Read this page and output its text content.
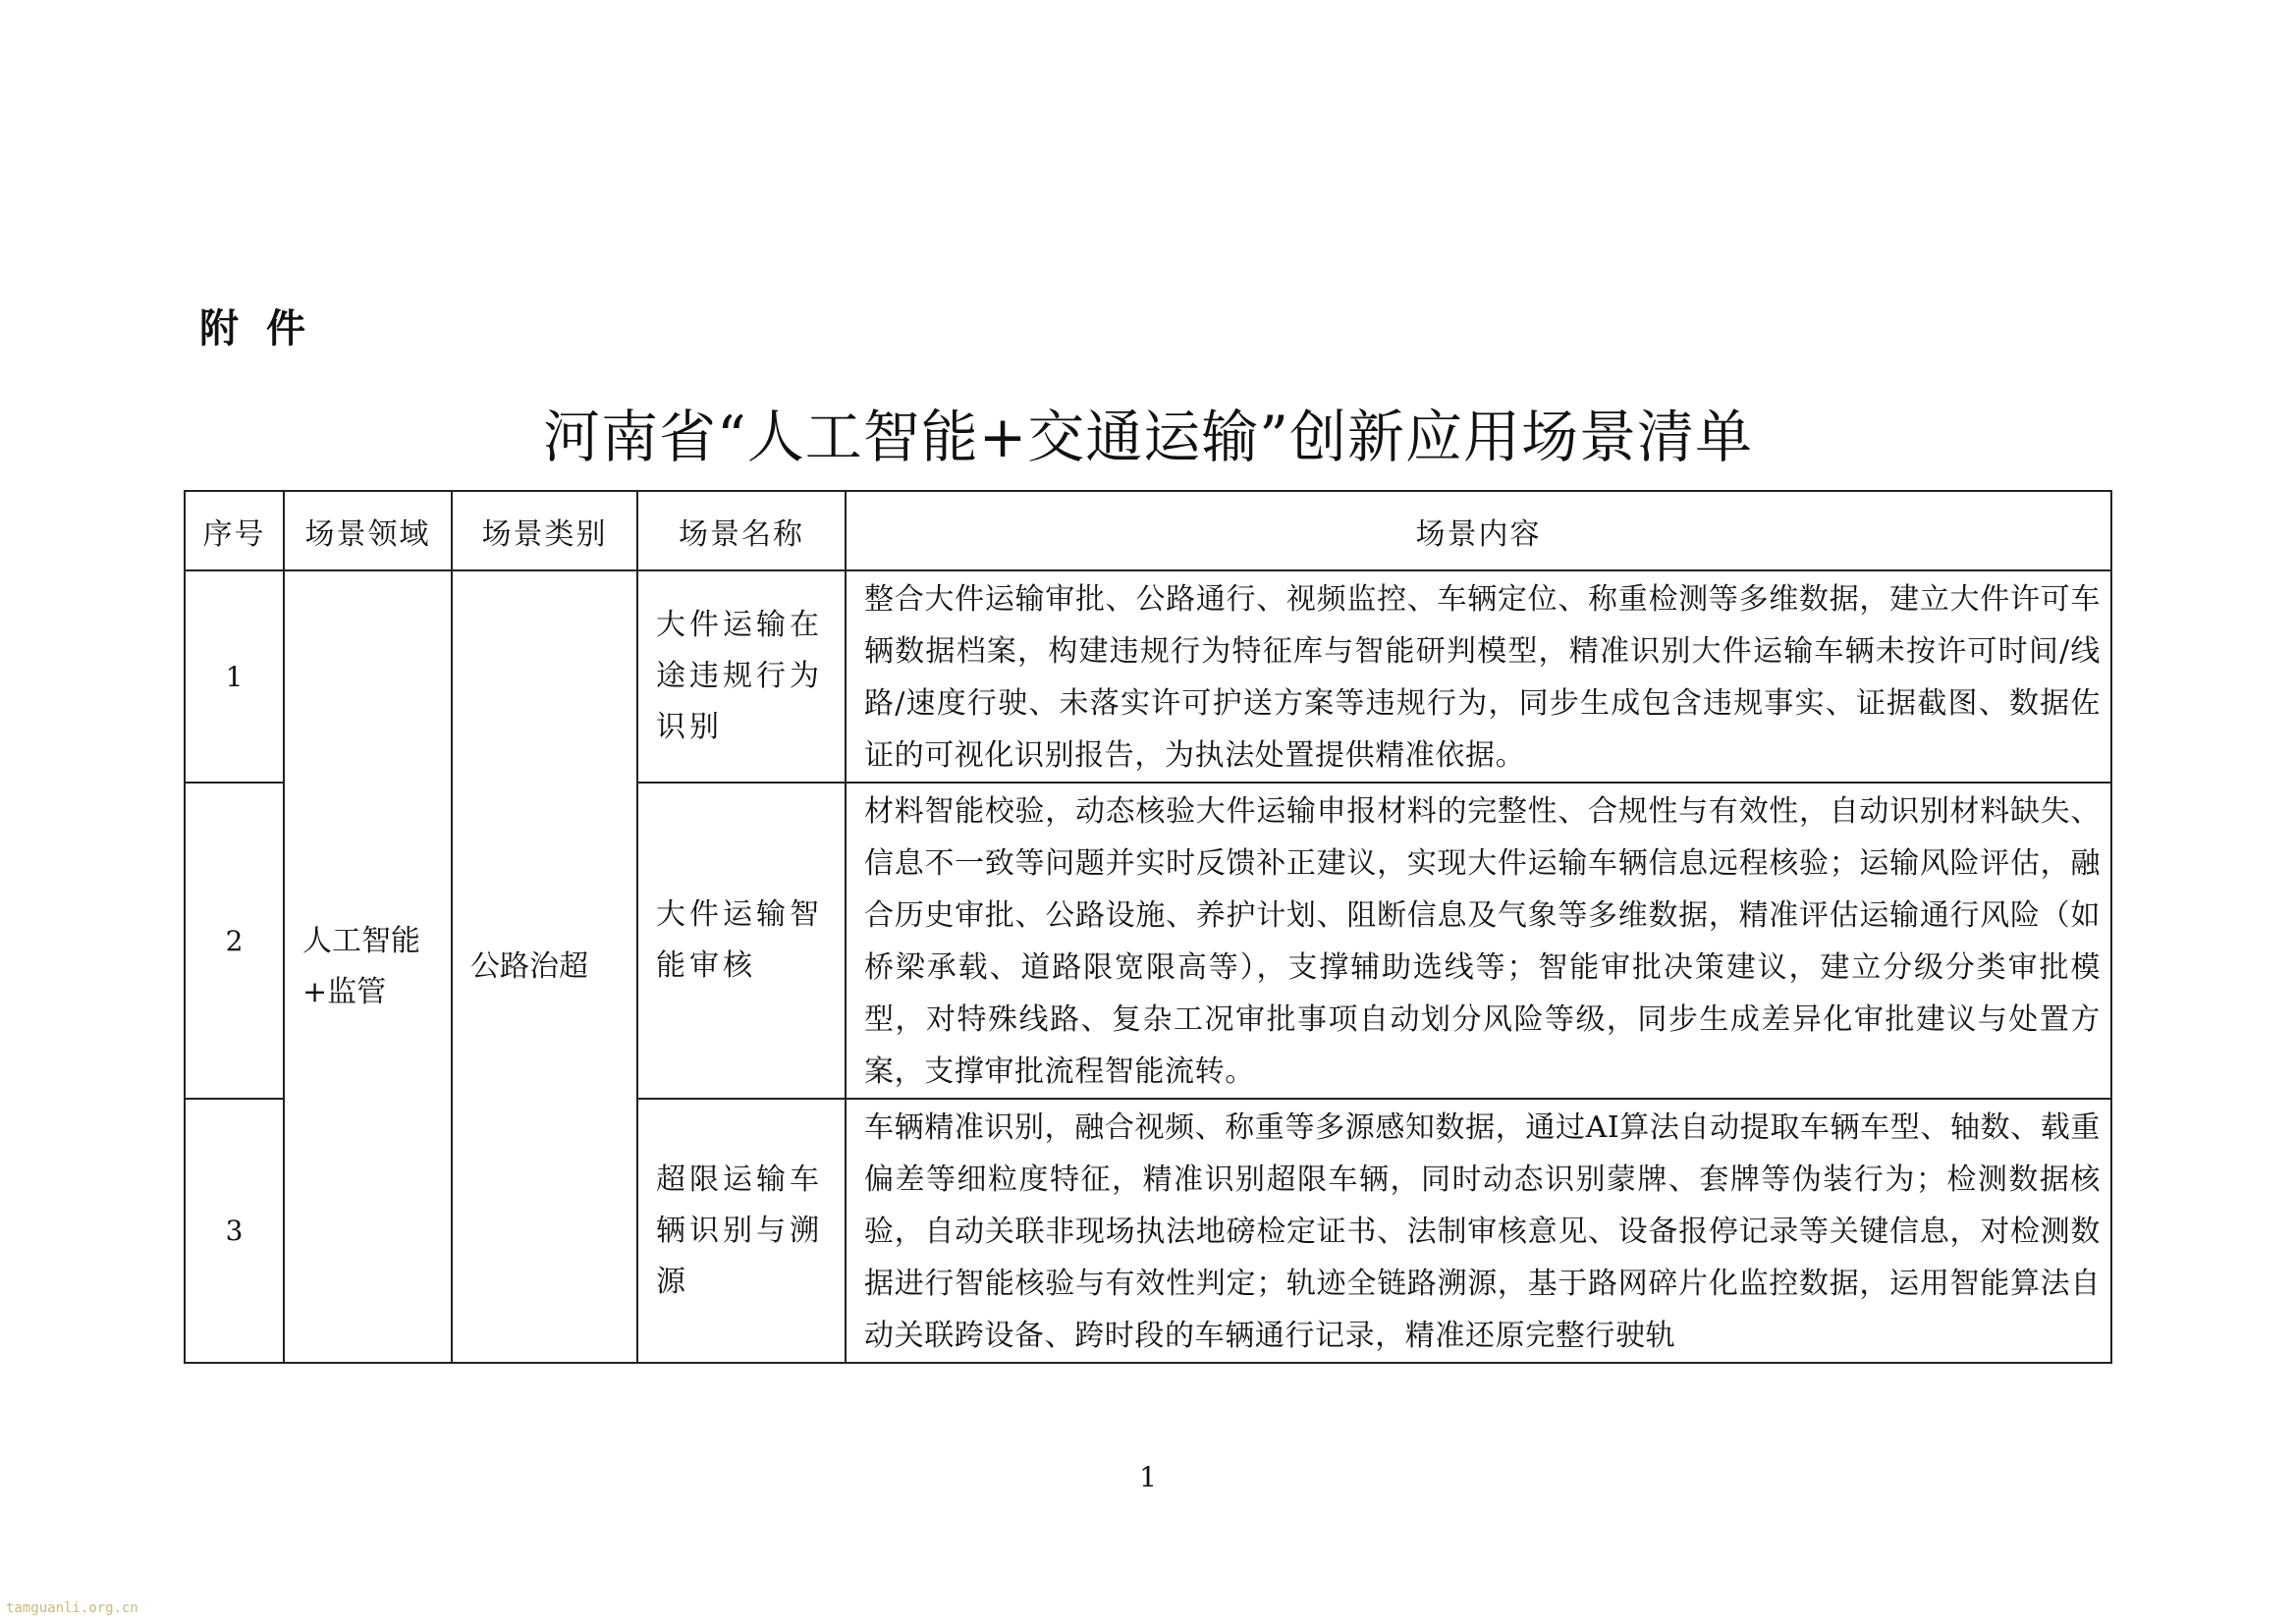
附件
河南省“人工智能+交通运输”创新应用场景清单
序号	场景领域	场景类别	场景名称	场景内容
1	人工智能+监管	公路治超	大件运输在途违规行为识别	整合大件运输审批、公路通行、视频监控、车辆定位、称重检测等多维数据，建立大件许可车辆数据档案，构建违规行为特征库与智能研判模型，精准识别大件运输车辆未按许可时间/线路/速度行驶、未落实许可护送方案等违规行为，同步生成包含违规事实、证据截图、数据佐证的可视化识别报告，为执法处置提供精准依据。
2			大件运输智能审核	材料智能校验，动态核验大件运输申报材料的完整性、合规性与有效性，自动识别材料缺失、信息不一致等问题并实时反馈补正建议，实现大件运输车辆信息远程核验；运输风险评估，融合历史审批、公路设施、养护计划、阻断信息及气象等多维数据，精准评估运输通行风险（如桥梁承载、道路限宽限高等），支撑辅助选线等；智能审批决策建议，建立分级分类审批模型，对特殊线路、复杂工况审批事项自动划分风险等级，同步生成差异化审批建议与处置方案，支撑审批流程智能流转。
3			超限运输车辆识别与溯源	车辆精准识别，融合视频、称重等多源感知数据，通过AI算法自动提取车辆车型、轴数、载重偏差等细粒度特征，精准识别超限车辆，同时动态识别蒙牌、套牌等伪装行为；检测数据核验，自动关联非现场执法地磅检定证书、法制审核意见、设备报停记录等关键信息，对检测数据进行智能核验与有效性判定；轨迹全链路溯源，基于路网碎片化监控数据，运用智能算法自动关联跨设备、跨时段的车辆通行记录，精准还原完整行驶轨
1
tamguanli.org.cn
